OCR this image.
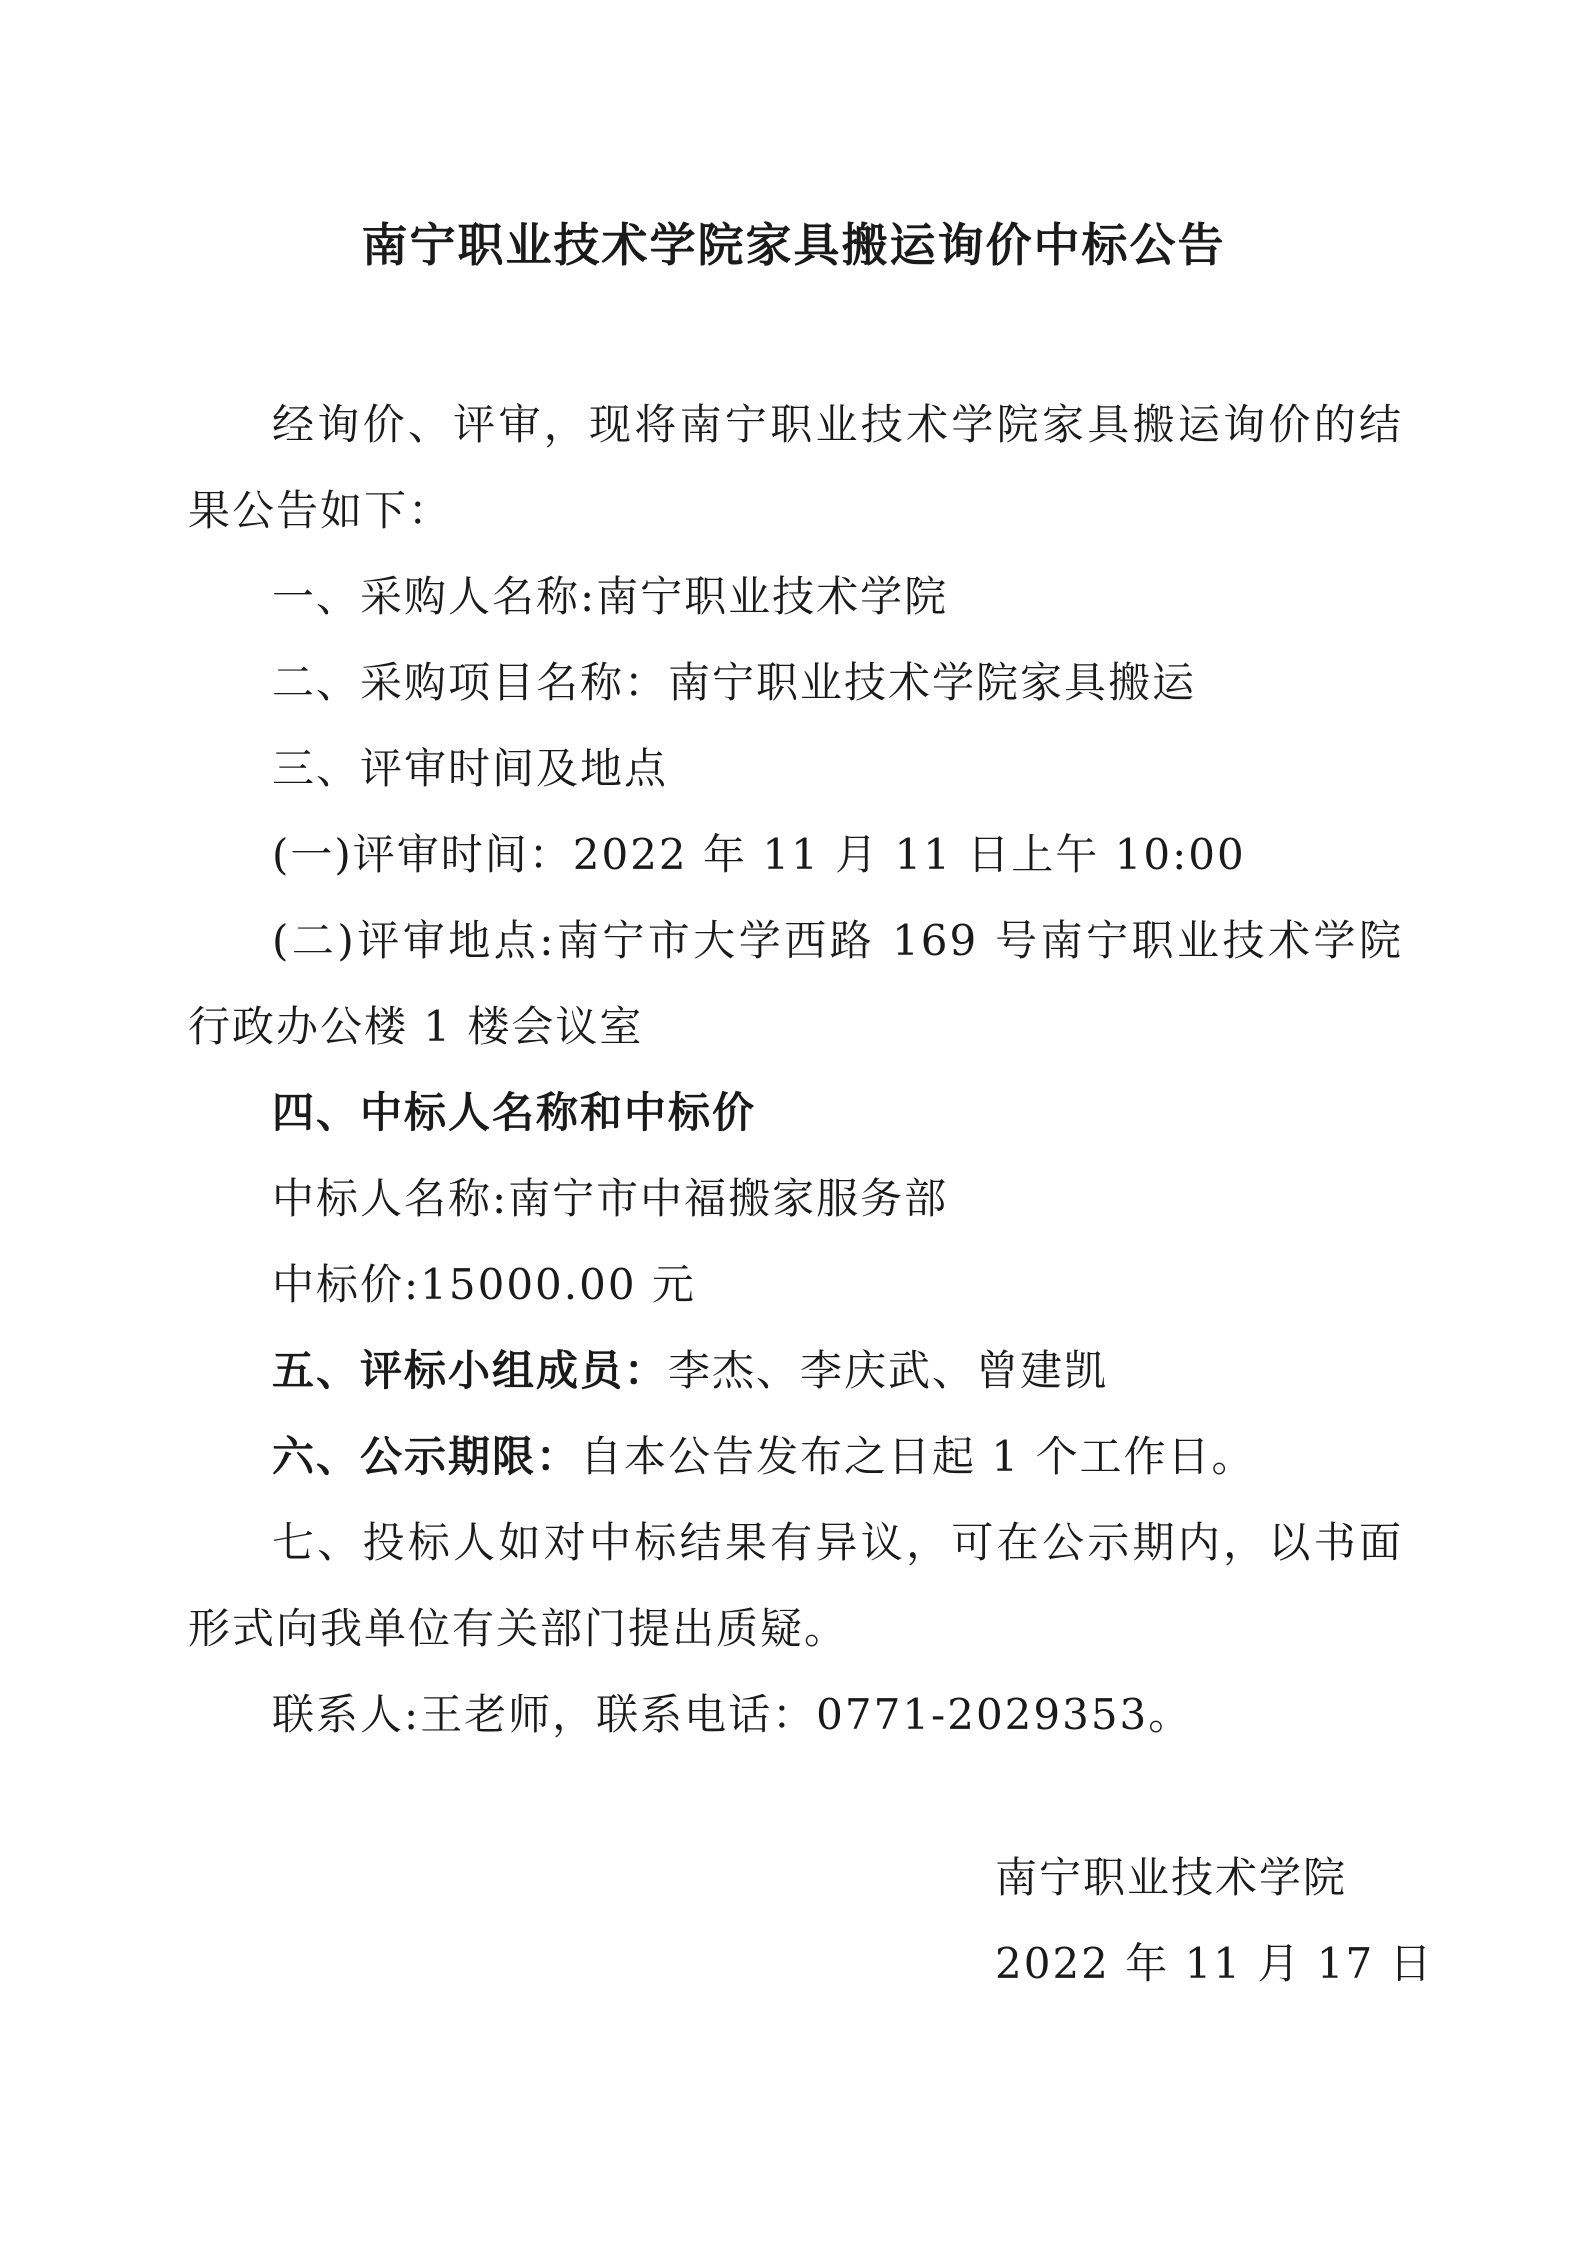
南宁职业技术学院家具搬运询价中标公告

经询价、评审，现将南宁职业技术学院家具搬运询价的结果公告如下：

一、采购人名称:南宁职业技术学院

二、采购项目名称：南宁职业技术学院家具搬运

三、评审时间及地点

(一)评审时间：2022 年 11 月 11 日上午 10:00

(二)评审地点:南宁市大学西路 169 号南宁职业技术学院行政办公楼 1 楼会议室

四、中标人名称和中标价

中标人名称:南宁市中福搬家服务部

中标价:15000.00 元

五、评标小组成员：李杰、李庆武、曾建凯

六、公示期限：自本公告发布之日起 1 个工作日。

七、投标人如对中标结果有异议，可在公示期内，以书面形式向我单位有关部门提出质疑。

联系人:王老师，联系电话：0771-2029353。

南宁职业技术学院
2022 年 11 月 17 日
